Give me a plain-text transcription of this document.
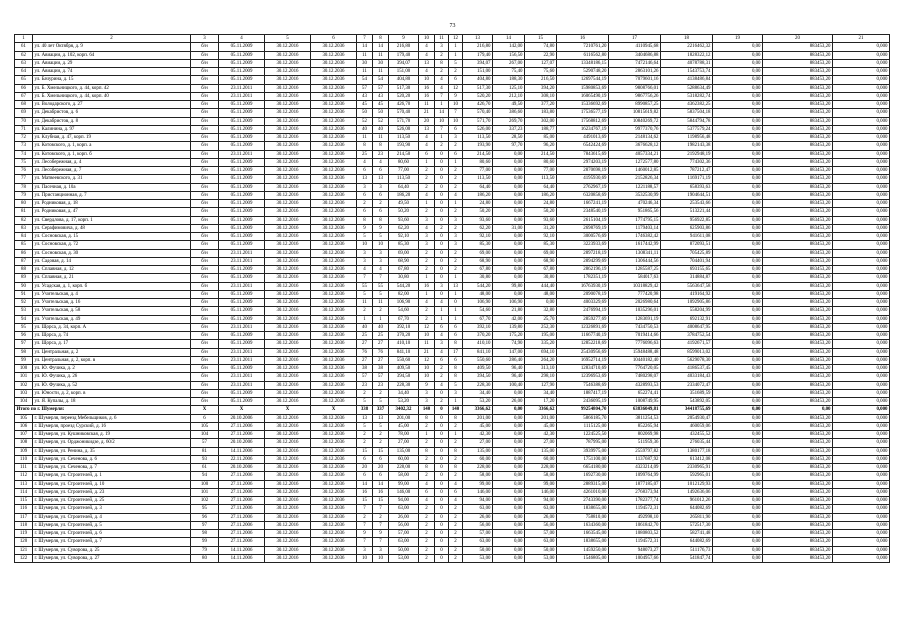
73
1	2	3	4	5	6	7	8	9	10	11	12	13	14	15	16	17	18	19	20	21
61	ул. 40 лет Октября, д. 9	б/н	05.11.2009	30.12.2016	30.12.2036	14	14	216,80	4	3	1	216,80	142,00	74,80	7210761,20	4110945,68	2216462,32	0,00	883453,20	0,000
62	ул. Авиации, д. 102, корп. 64	б/н	05.11.2009	30.12.2016	30.12.2036	11	11	179,40	4	2	1	179,40	156,50	22,90	6116562,80	3404686,88	1828322,12	0,00	883453,20	0,000
63	ул. Авиации, д. 29	б/н	05.11.2009	30.12.2016	30.12.2036	30	30	394,07	13	8	5	394,07	267,00	127,07	13348186,15	7472146,64	4078788,31	0,00	883453,20	0,000
64	ул. Авиации, д. 74	б/н	05.11.2009	30.12.2016	30.12.2036	11	11	151,00	4	2	2	151,00	75,40	75,60	5290748,20	2863101,26	1543753,74	0,00	883453,20	0,000
65	ул. Бачурина, д. 15	б/н	05.11.2009	30.12.2016	30.12.2036	54	54	404,80	10	4	6	404,80	188,30	216,50	12697544,19	7079601,16	4138486,84	0,00	883453,20	0,000
66	ул. Б. Хмельницкого, д. 44, корп. 42	б/н	23.11.2011	30.12.2016	30.12.2036	57	57	517,30	16	4	12	517,30	125,10	394,20	15980853,69	9808766,01	5288634,49	0,00	883453,20	0,000
67	ул. Б. Хмельницкого, д. 44, корп. 40	б/н	23.11.2011	30.12.2016	30.12.2036	43	43	520,20	16	7	9	520,20	212,10	308,10	16065490,19	9867756,26	5318282,74	0,00	883453,20	0,000
68	ул. Володарского, д. 27	б/н	05.11.2009	30.12.2016	30.12.2036	45	45	426,70	11	1	10	426,70	49,50	377,20	15336692,69	8990857,25	4362382,25	0,00	883453,20	0,000
69	ул. Декабристов, д. 6	б/н	05.11.2009	30.12.2016	30.12.2036	50	50	570,40	21	14	7	570,40	386,60	183,80	17536577,19	10815619,82	5837504,18	0,00	883453,20	0,000
70	ул. Декабристов, д. 8	б/н	05.11.2009	30.12.2016	30.12.2036	52	52	571,70	20	10	10	571,70	269,70	302,00	17568812,69	10840269,72	5844794,78	0,00	883453,20	0,000
71	ул. Калинина, д. 97	б/н	05.11.2009	30.12.2016	30.12.2036	40	40	526,00	13	7	6	526,00	337,23	188,77	16234767,19	9977370,76	5377579,24	0,00	883453,20	0,000
72	ул. Клубная, д. 47, корп. 19	б/н	05.11.2009	30.12.2016	30.12.2036	11	11	113,50	4	1	3	113,50	28,50	85,00	4491013,69	2148134,62	1198956,48	0,00	883453,20	0,000
73	ул. Котовского, д. 1, корп. а	б/н	05.11.2009	30.12.2016	30.12.2036	8	8	193,90	4	2	2	193,90	97,70	96,20	6542424,69	3676628,12	1982143,38	0,00	883453,20	0,000
74	ул. Котовского, д. 1, корп. б	б/н	23.11.2011	30.12.2016	30.12.2036	25	23	214,50	6	0	6	214,50	0,00	214,50	7843615,69	4057334,21	2192948,19	0,00	883453,20	0,000
75	ул. Лесобережная, д. 4	б/н	05.11.2009	30.12.2016	30.12.2036	4	4	80,60	1	0	1	80,60	0,00	80,60	2974203,19	1272577,80	774302,36	0,00	883453,20	0,000
76	ул. Лесобережная, д. 7	б/н	05.11.2009	30.12.2016	30.12.2036	6	6	77,00	2	0	2	77,00	0,00	77,00	2870698,19	1460012,85	787212,47	0,00	883453,20	0,000
77	ул. Матвеевского, д. 31	б/н	05.11.2009	30.12.2016	30.12.2036	13	13	113,50	2	0	2	113,50	0,00	113,50	4195930,69	2152826,34	1169171,19	0,00	883453,20	0,000
78	ул. Пасечная, д. 10а	б/н	05.11.2009	30.12.2016	30.12.2036	3	3	64,40	2	0	2	64,40	0,00	64,40	2762967,19	1221188,57	658393,63	0,00	883453,20	0,000
79	ул. Пристанционная, д. 7	б/н	05.11.2009	30.12.2016	30.12.2036	6	6	186,20	4	0	4	186,20	0,00	186,20	6320858,69	3532530,99	1904644,51	0,00	883453,20	0,000
80	ул. Родниковая, д. 18	б/н	05.11.2009	30.12.2016	30.12.2036	2	2	49,50	1	0	1	24,80	0,00	24,80	1667241,19	470246,34	253543,66	0,00	883453,20	0,000
81	ул. Родниковая, д. 47	б/н	05.11.2009	30.12.2016	30.12.2036	6	6	50,20	2	0	2	50,20	0,00	50,20	2348540,19	951865,56	513221,44	0,00	883453,20	0,000
82	ул. Свердлова, д. 17, корп. 1	б/н	05.11.2009	30.12.2016	30.12.2036	8	8	93,60	3	0	3	93,60	0,00	93,60	2615104,19	1774795,15	956922,85	0,00	883453,20	0,000
83	ул. Серафимовича, д. 48	б/н	05.11.2009	30.12.2016	30.12.2036	9	9	62,20	4	2	2	62,20	31,00	31,20	2698769,19	1179403,14	625903,86	0,00	883453,20	0,000
84	ул. Сосновская, д. 15	б/н	05.11.2009	30.12.2016	30.12.2036	5	5	92,10	3	0	3	92,10	0,00	92,10	3000576,69	1746382,42	941611,08	0,00	883453,20	0,000
85	ул. Сосновская, д. 72	б/н	05.11.2009	30.12.2016	30.12.2036	10	10	85,30	3	0	3	85,30	0,00	85,30	3223933,69	1617442,99	872093,51	0,00	883453,20	0,000
86	ул. Сосновская, д. 30	б/н	23.11.2011	30.12.2016	30.12.2036	3	3	69,00	2	0	2	69,00	0,00	69,00	2897218,19	1308341,11	705425,89	0,00	883453,20	0,000
87	ул. Садовая, д. 14	б/н	23.11.2011	30.12.2016	30.12.2036	3	3	68,90	2	0	2	68,90	0,00	68,90	2894299,69	1306444,56	704401,94	0,00	883453,20	0,000
88	ул. Сплавная, д. 12	б/н	05.11.2009	30.12.2016	30.12.2036	4	4	67,80	2	0	2	67,80	0,00	67,80	2862196,19	1285587,25	693155,65	0,00	883453,20	0,000
89	ул. Сплавная, д. 21	б/н	05.11.2009	30.12.2016	30.12.2036	7	7	30,80	1	0	1	30,80	0,00	30,80	1782351,19	584017,63	314884,87	0,00	883453,20	0,000
90	ул. Усадская, д. 1, корп. б	б/н	23.11.2011	30.12.2016	30.12.2036	55	55	544,20	16	3	13	544,20	99,80	444,40	16763930,19	10318829,42	5563647,58	0,00	883453,20	0,000
91	ул. Учительская, д. 4	б/н	05.11.2009	30.12.2016	30.12.2036	5	5	82,00	1	0	1	48,00	0,00	48,00	2090078,19	777420,98	419164,92	0,00	883453,20	0,000
92	ул. Учительская, д. 16	б/н	05.11.2009	30.12.2016	30.12.2036	11	11	106,90	4	4	0	106,90	106,90	0,00	4003329,69	2026980,64	1092905,86	0,00	883453,20	0,000
93	ул. Учительская, д. 58	б/н	05.11.2009	30.12.2016	30.12.2036	2	2	54,60	2	1	1	54,60	21,80	32,80	2476994,19	1035296,01	558204,99	0,00	883453,20	0,000
94	ул. Учительская, д. 49	б/н	05.11.2009	30.12.2016	30.12.2036	1	1	67,70	2	1	1	67,70	42,00	25,70	2859277,69	1283691,19	692132,91	0,00	883453,20	0,000
95	ул. Щорса, д. 34, корп. А	б/н	23.11.2011	30.12.2016	30.12.2036	40	40	392,10	12	6	6	392,10	139,80	252,30	12326891,69	7434750,53	4008647,95	0,00	883453,20	0,000
96	ул. Щорса, д. 74	б/н	05.11.2009	30.12.2016	30.12.2036	25	25	370,20	10	4	6	370,20	175,20	195,00	11667740,19	7019414,66	3784752,54	0,00	883453,20	0,000
97	ул. Щорса, д. 17	б/н	05.11.2009	30.12.2016	30.12.2036	27	27	410,10	11	3	8	410,10	74,90	335,20	12852218,69	7776096,63	4192671,57	0,00	883453,20	0,000
98	ул. Центральная, д. 2	б/н	23.11.2011	30.12.2016	30.12.2036	76	76	841,10	21	4	17	841,10	147,00	694,10	25430956,69	15948488,48	8599013,02	0,00	883453,20	0,000
99	ул. Центральная, д. 2, корп. в	б/н	23.11.2011	30.12.2016	30.12.2036	27	27	550,60	12	6	6	550,60	286,40	264,20	16952714,19	10440182,40	5629078,30	0,00	883453,20	0,000
100	ул. Ю. Фучика, д. 2	б/н	05.11.2009	30.12.2016	30.12.2036	38	38	409,50	10	2	8	409,50	96,40	313,10	12834710,69	7764720,05	4186537,45	0,00	883453,20	0,000
101	ул. Ю. Фучика, д. 26	б/н	23.11.2011	30.12.2016	30.12.2036	57	57	394,50	10	2	8	394,50	96,40	298,10	12396953,69	7480298,07	4033184,43	0,00	883453,20	0,000
102	ул. Ю. Фучика, д. 52	б/н	23.11.2011	30.12.2016	30.12.2036	23	23	228,30	9	4	5	228,30	100,40	127,90	7546388,69	4328993,53	2334072,47	0,00	883453,20	0,000
103	ул. Юности, д. 2, корп. в	б/н	05.11.2009	30.12.2016	30.12.2036	2	2	34,40	3	0	3	34,40	0,00	34,40	1887417,19	652274,41	351689,59	0,00	883453,20	0,000
104	ул. Я. Купалы, д. 18	б/н	05.11.2009	30.12.2016	30.12.2036	5	5	53,20	3	2	1	53,20	26,00	17,20	2436095,19	1008749,95	543892,05	0,00	883453,20	0,000
Итого по г. Шумерля:		Х	Х	Х	Х	338	337	3402,32	140	0	140	3366,62	0,00	3366,62	99254804,70	63836049,81	34418755,69	0,00	0,00	0,000
105	г. Шумерля, переезд Мебельщиков, д. 6	6	20.10.2006	30.12.2016	30.12.2036	13	13	201,00	8	0	8	201,00	0,00	201,00	5866185,70	3811254,53	2054930,47	0,00	883453,20	0,000
106	г. Шумерля, проезд Сурский, д. 16	105	27.11.2006	30.12.2016	30.12.2036	5	5	45,00	2	0	2	45,00	0,00	45,00	1115125,00	852265,94	460059,06	0,00	883453,20	0,000
107	г. Шумерля, ул. Кушниковская, д. 19	104	27.11.2006	30.12.2016	30.12.2036	2	2	78,00	1	0	1	42,30	0,00	42,30	1224525,50	802069,98	432455,52	0,00	883453,20	0,000
108	г. Шумерля, ул. Орджоникидзе, д. 60/2	57	20.10.2006	30.12.2016	30.12.2036	2	2	27,00	2	0	2	27,00	0,00	27,00	787995,00	511959,36	276035,44	0,00	883453,20	0,000
109	г. Шумерля, ул. Ренина, д. 35	81	14.11.2006	30.12.2016	30.12.2036	15	15	135,00	8	0	8	135,00	0,00	135,00	3939975,00	2559797,82	1380177,18	0,00	883453,20	0,000
110	г. Шумерля, ул. Сеченова, д. 6	93	22.11.2006	30.12.2016	30.12.2036	6	6	60,00	2	0	2	60,00	0,00	60,00	1751100,00	1137687,92	613412,08	0,00	883453,20	0,000
111	г. Шумерля, ул. Сеченова, д. 7	61	20.10.2006	30.12.2016	30.12.2036	20	20	228,00	8	0	8	228,00	0,00	228,00	6654180,00	4323214,09	2330965,91	0,00	883453,20	0,000
112	г. Шумерля, ул. Строителей, д. 1	94	27.11.2006	30.12.2016	30.12.2036	6	6	58,00	2	0	2	58,00	0,00	58,00	1692730,00	1099764,99	592965,01	0,00	883453,20	0,000
113	г. Шумерля, ул. Строителей, д. 10	100	27.11.2006	30.12.2016	30.12.2036	14	14	99,00	4	0	4	99,00	0,00	99,00	2889315,00	1877185,07	1012129,93	0,00	883453,20	0,000
114	г. Шумерля, ул. Строителей, д. 23	101	27.11.2006	30.12.2016	30.12.2036	16	16	146,00	6	0	6	146,00	0,00	146,00	4261010,00	2768373,94	1492636,06	0,00	883453,20	0,000
115	г. Шумерля, ул. Строителей, д. 25	102	27.11.2006	30.12.2016	30.12.2036	15	15	94,00	4	0	4	94,00	0,00	94,00	2743390,00	1782377,74	961012,26	0,00	883453,20	0,000
116	г. Шумерля, ул. Строителей, д. 3	95	27.11.2006	30.12.2016	30.12.2036	7	7	63,00	2	0	2	63,00	0,00	63,00	1838655,00	1194572,31	644082,69	0,00	883453,20	0,000
117	г. Шумерля, ул. Строителей, д. 4	96	27.11.2006	30.12.2016	30.12.2036	2	2	26,00	2	0	2	26,00	0,00	26,00	758810,00	492998,10	265811,90	0,00	883453,20	0,000
118	г. Шумерля, ул. Строителей, д. 5	97	27.11.2006	30.12.2016	30.12.2036	7	7	56,00	2	0	2	56,00	0,00	56,00	1634360,00	1061842,70	572517,30	0,00	883453,20	0,000
119	г. Шумерля, ул. Строителей, д. 6	98	27.11.2006	30.12.2016	30.12.2036	9	9	57,00	2	0	2	57,00	0,00	57,00	1663545,00	1080803,52	582741,48	0,00	883453,20	0,000
120	г. Шумерля, ул. Строителей, д. 7	99	27.11.2006	30.12.2016	30.12.2036	7	7	63,00	2	0	2	63,00	0,00	63,00	1838655,00	1194572,31	644082,69	0,00	883453,20	0,000
121	г. Шумерля, ул. Суворова, д. 25	79	14.11.2006	30.12.2016	30.12.2036	3	3	50,00	2	0	2	50,00	0,00	50,00	1459250,00	948073,27	511176,73	0,00	883453,20	0,000
122	г. Шумерля, ул. Суворова, д. 27	80	14.11.2006	30.12.2016	30.12.2036	10	10	53,00	2	0	2	53,00	0,00	53,00	1546805,00	1004957,66	541847,74	0,00	883453,20	0,000
